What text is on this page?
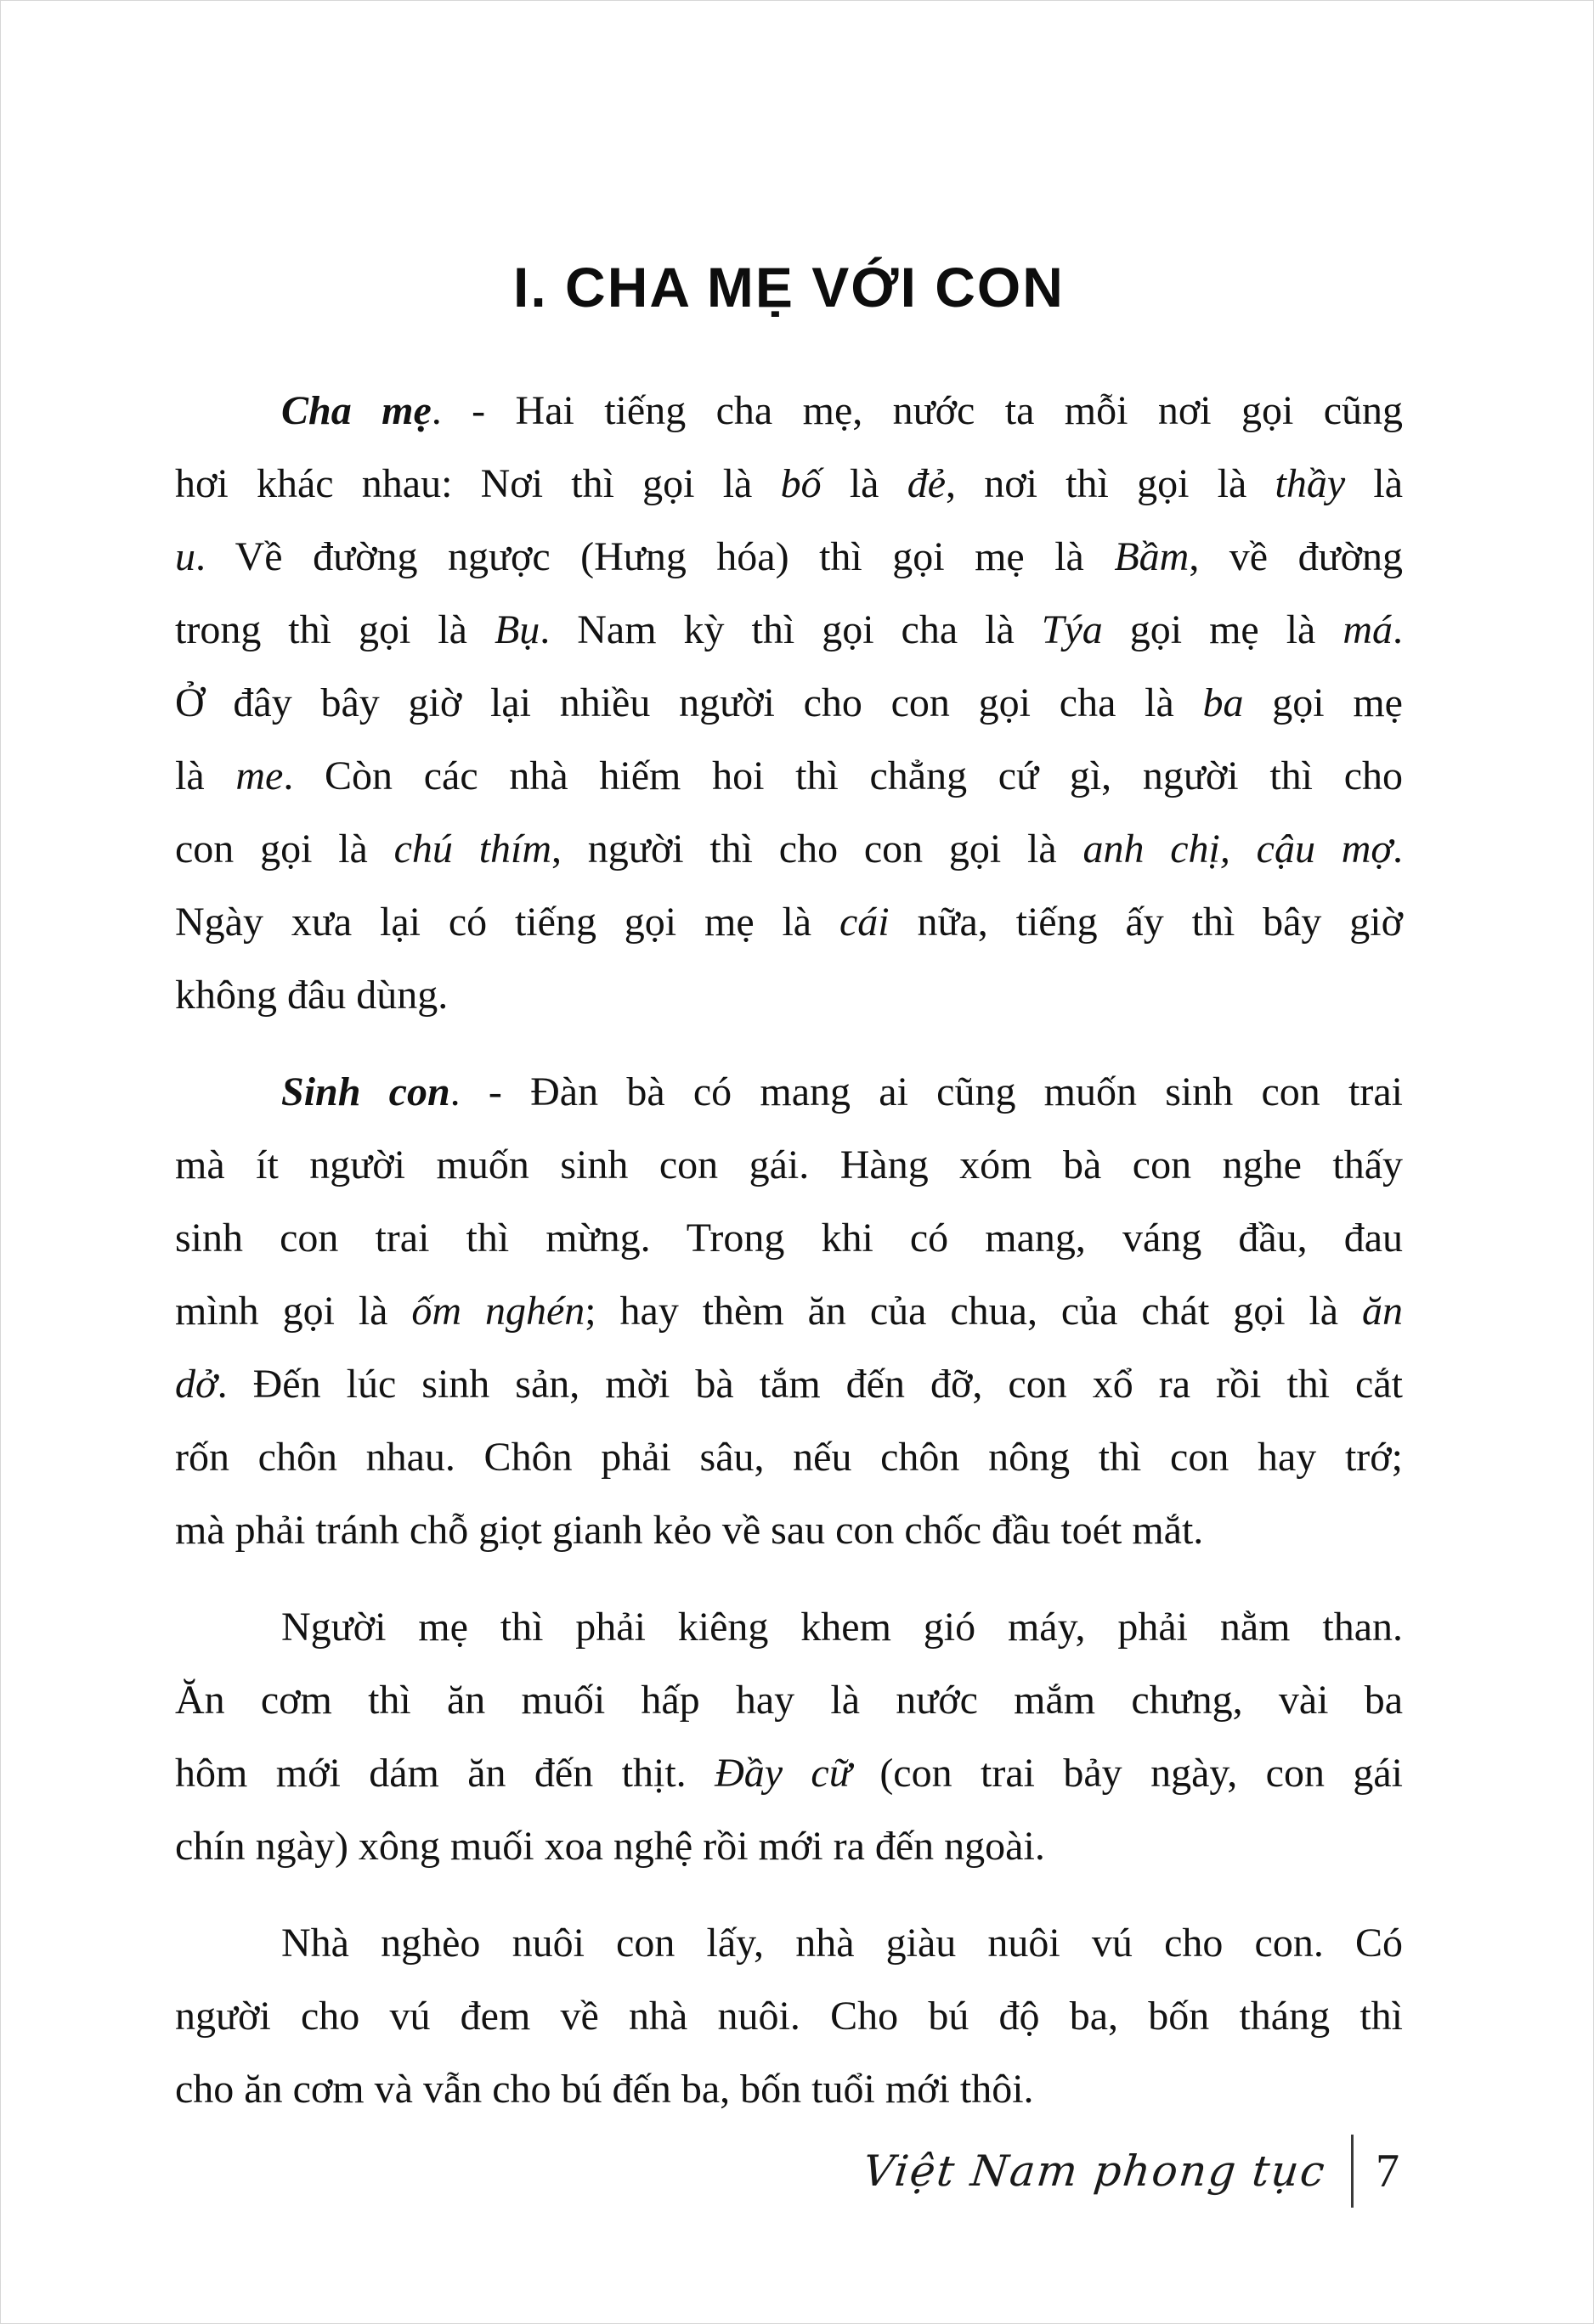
I. CHA MẸ VỚI CON
Cha mẹ. - Hai tiếng cha mẹ, nước ta mỗi nơi gọi cũng
hơi khác nhau: Nơi thì gọi là bố là đẻ, nơi thì gọi là thầy là
u. Về đường ngược (Hưng hóa) thì gọi mẹ là Bầm, về đường
trong thì gọi là Bụ. Nam kỳ thì gọi cha là Týa gọi mẹ là má.
Ở đây bây giờ lại nhiều người cho con gọi cha là ba gọi mẹ
là me. Còn các nhà hiếm hoi thì chẳng cứ gì, người thì cho
con gọi là chú thím, người thì cho con gọi là anh chị, cậu mợ.
Ngày xưa lại có tiếng gọi mẹ là cái nữa, tiếng ấy thì bây giờ
không đâu dùng.
Sinh con. - Đàn bà có mang ai cũng muốn sinh con trai
mà ít người muốn sinh con gái. Hàng xóm bà con nghe thấy
sinh con trai thì mừng. Trong khi có mang, váng đầu, đau
mình gọi là ốm nghén; hay thèm ăn của chua, của chát gọi là ăn
dở. Đến lúc sinh sản, mời bà tắm đến đỡ, con xổ ra rồi thì cắt
rốn chôn nhau. Chôn phải sâu, nếu chôn nông thì con hay trớ;
mà phải tránh chỗ giọt gianh kẻo về sau con chốc đầu toét mắt.
Người mẹ thì phải kiêng khem gió máy, phải nằm than.
Ăn cơm thì ăn muối hấp hay là nước mắm chưng, vài ba
hôm mới dám ăn đến thịt. Đầy cữ (con trai bảy ngày, con gái
chín ngày) xông muối xoa nghệ rồi mới ra đến ngoài.
Nhà nghèo nuôi con lấy, nhà giàu nuôi vú cho con. Có
người cho vú đem về nhà nuôi. Cho bú độ ba, bốn tháng thì
cho ăn cơm và vẫn cho bú đến ba, bốn tuổi mới thôi.
Việt Nam phong tục 7
